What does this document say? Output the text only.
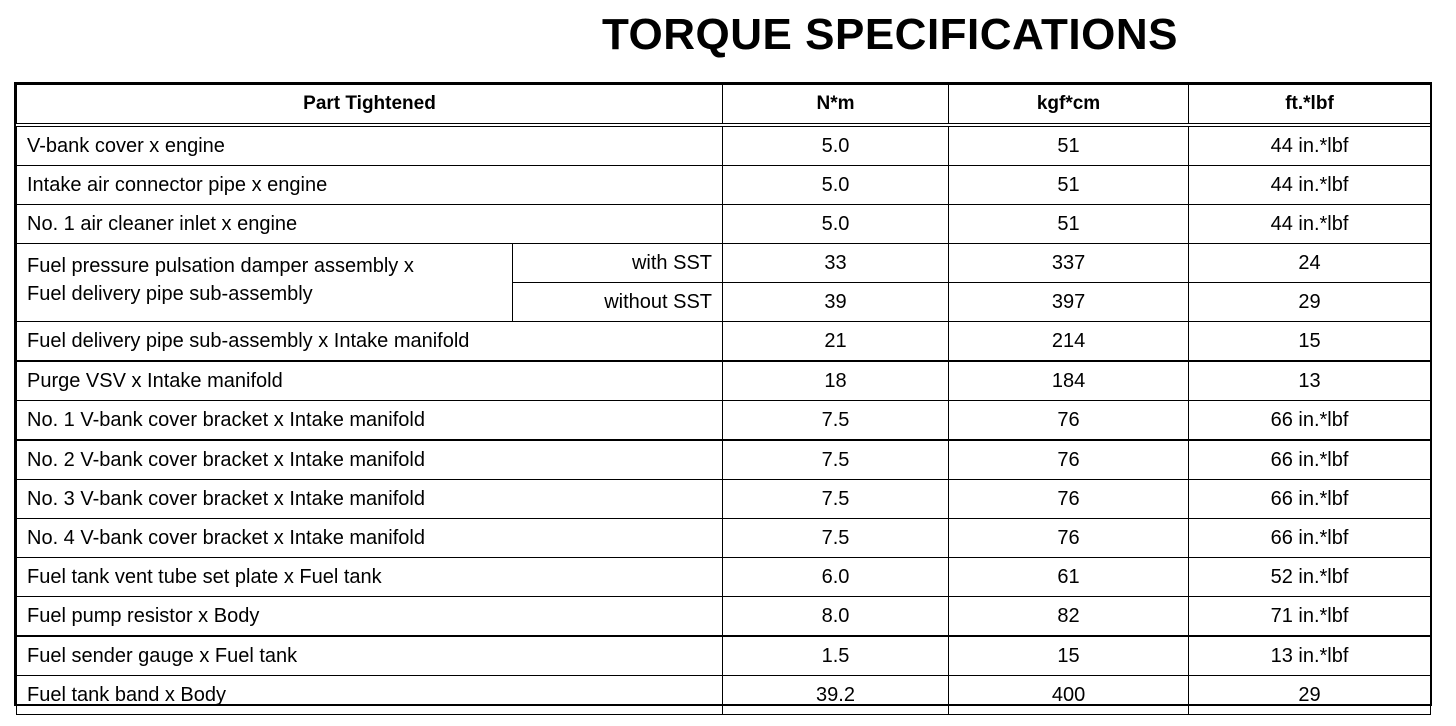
TORQUE SPECIFICATIONS
Part Tightened		N*m	kgf*cm	ft.*lbf
V-bank cover x engine		5.0	51	44 in.*lbf
Intake air connector pipe x engine		5.0	51	44 in.*lbf
No. 1 air cleaner inlet x engine		5.0	51	44 in.*lbf
Fuel pressure pulsation damper assembly x
Fuel delivery pipe sub-assembly	with SST	33	337	24
	without SST	39	397	29
Fuel delivery pipe sub-assembly x Intake manifold		21	214	15
Purge VSV x Intake manifold		18	184	13
No. 1 V-bank cover bracket x Intake manifold		7.5	76	66 in.*lbf
No. 2 V-bank cover bracket x Intake manifold		7.5	76	66 in.*lbf
No. 3 V-bank cover bracket x Intake manifold		7.5	76	66 in.*lbf
No. 4 V-bank cover bracket x Intake manifold		7.5	76	66 in.*lbf
Fuel tank vent tube set plate x Fuel tank		6.0	61	52 in.*lbf
Fuel pump resistor x Body		8.0	82	71 in.*lbf
Fuel sender gauge x Fuel tank		1.5	15	13 in.*lbf
Fuel tank band x Body		39.2	400	29
